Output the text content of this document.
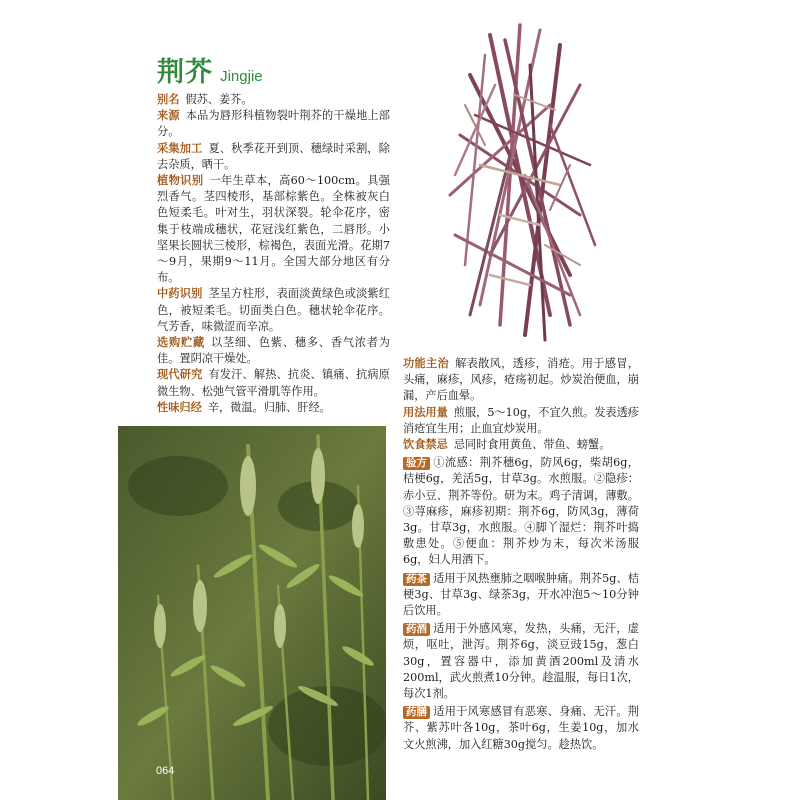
荆芥 Jingjie

别名 假苏、姜芥。

来源 本品为唇形科植物裂叶荆芥的干燥地上部分。

采集加工 夏、秋季花开到顶、穗绿时采割，除去杂质，晒干。

植物识别 一年生草本，高60～100cm。具强烈香气。茎四棱形，基部棕紫色。全株被灰白色短柔毛。叶对生，羽状深裂。轮伞花序，密集于枝端成穗状，花冠浅红紫色，二唇形。小坚果长圆状三棱形，棕褐色，表面光滑。花期7～9月，果期9～11月。全国大部分地区有分布。

中药识别 茎呈方柱形，表面淡黄绿色或淡紫红色，被短柔毛。切面类白色。穗状轮伞花序。气芳香，味微涩而辛凉。

选购贮藏 以茎细、色紫、穗多、香气浓者为佳。置阴凉干燥处。

现代研究 有发汗、解热、抗炎、镇痛、抗病原微生物、松弛气管平滑肌等作用。

性味归经 辛，微温。归肺、肝经。

064

功能主治 解表散风，透疹，消疮。用于感冒，头痛，麻疹，风疹，疮疡初起。炒炭治便血，崩漏，产后血晕。

用法用量 煎服，5～10g，不宜久煎。发表透疹消疮宜生用；止血宜炒炭用。

饮食禁忌 忌同时食用黄鱼、带鱼、螃蟹。

验方 ①流感：荆芥穗6g，防风6g，柴胡6g，桔梗6g，羌活5g，甘草3g。水煎服。②隐疹：赤小豆、荆芥等份。研为末。鸡子清调，薄敷。③荨麻疹，麻疹初期：荆芥6g，防风3g，薄荷3g。甘草3g，水煎服。④脚丫湿烂：荆芥叶捣敷患处。⑤便血：荆芥炒为末，每次米汤服6g，妇人用酒下。

药茶 适用于风热壅肺之咽喉肿痛。荆芥5g、桔梗3g、甘草3g、绿茶3g，开水冲泡5～10分钟后饮用。

药酒 适用于外感风寒，发热，头痛，无汗，虚烦，呕吐，泄泻。荆芥6g，淡豆豉15g，葱白30g，置容器中，添加黄酒200ml及清水200ml，武火煎煮10分钟。趁温服，每日1次，每次1剂。

药膳 适用于风寒感冒有恶寒、身痛、无汗。荆芥、紫苏叶各10g，茶叶6g，生姜10g，加水文火煎沸，加入红糖30g搅匀。趁热饮。
